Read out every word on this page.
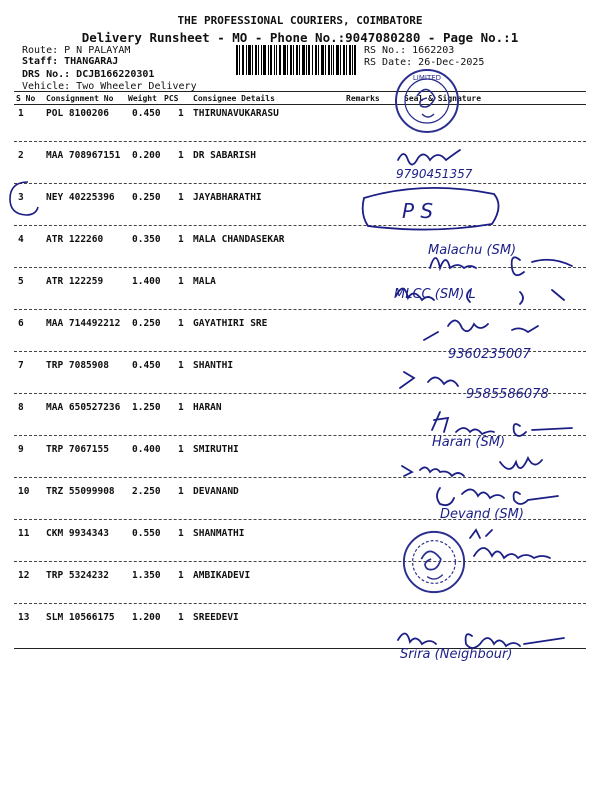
THE PROFESSIONAL COURIERS, COIMBATORE
Delivery Runsheet - MO - Phone No.:9047080280 - Page No.:1
Route: P N PALAYAM
Staff: THANGARAJ
DRS No.: DCJB166220301
Vehicle: Two Wheeler Delivery
RS No.: 1662203
RS Date: 26-Dec-2025
S No Consignment No Weight PCS Consignee Details	Remarks	Seal & Signature
1 POL 8100206 0.450 1 THIRUNAVUKARASU
2 MAA 708967151 0.200 1 DR SABARISH
3 NEY 40225396 0.250 1 JAYABHARATHI
4 ATR 122260	0.350 1 MALA CHANDASEKAR
5 ATR 122259	1.400 1 MALA
6 MAA 714492212 0.250 1 GAYATHIRI SRE
7 TRP 7085908 0.450 1 SHANTHI
8 MAA 650527236 1.250 1 HARAN
9 TRP 7067155 0.400 1 SMIRUTHI
10 TRZ 55099908 2.250 1 DEVANAND
11 CKM 9934343 0.550 1 SHANMATHI
12 TRP 5324232 1.350 1 AMBIKADEVI
13 SLM 10566175 1.200 1 SREEDEVI
LIMITED
9790451357
P S
Malachu (SM)
MLCC (SM) L
9360235007
9585586078
Haran (SM)
Devand (SM)
Srira (Neighbour)
